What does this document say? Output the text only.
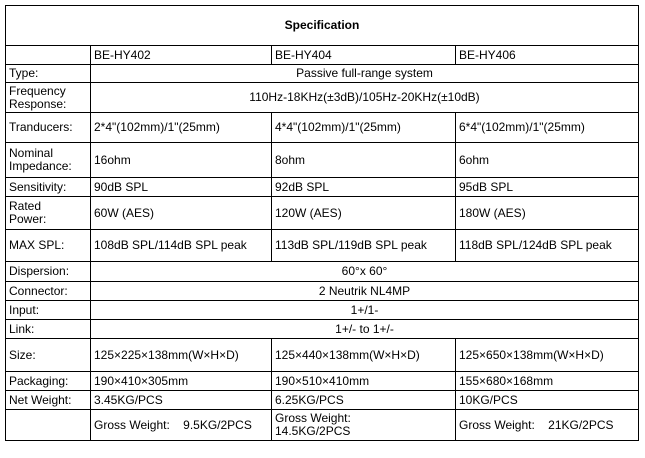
Specification			
	BE-HY402	BE-HY404	BE-HY406
Type:	Passive full-range system		
Frequency
Response:	110Hz-18KHz(±3dB)/105Hz-20KHz(±10dB)		
Tranducers:	2*4"(102mm)/1"(25mm)	4*4"(102mm)/1"(25mm)	6*4"(102mm)/1"(25mm)
Nominal
Impedance:	16ohm	8ohm	6ohm
Sensitivity:	90dB SPL	92dB SPL	95dB SPL
Rated
Power:	60W (AES)	120W (AES)	180W (AES)
MAX SPL:	108dB SPL/114dB SPL peak	113dB SPL/119dB SPL peak	118dB SPL/124dB SPL peak
Dispersion:	60°x 60°		
Connector:	2 Neutrik NL4MP		
Input:	1+/1-		
Link:	1+/- to 1+/-		
Size:	125×225×138mm(W×H×D)	125×440×138mm(W×H×D)	125×650×138mm(W×H×D)
Packaging:	190×410×305mm	190×510×410mm	155×680×168mm
Net Weight:	3.45KG/PCS	6.25KG/PCS	10KG/PCS
	Gross Weight:    9.5KG/2PCS	Gross Weight:
14.5KG/2PCS	Gross Weight:    21KG/2PCS
